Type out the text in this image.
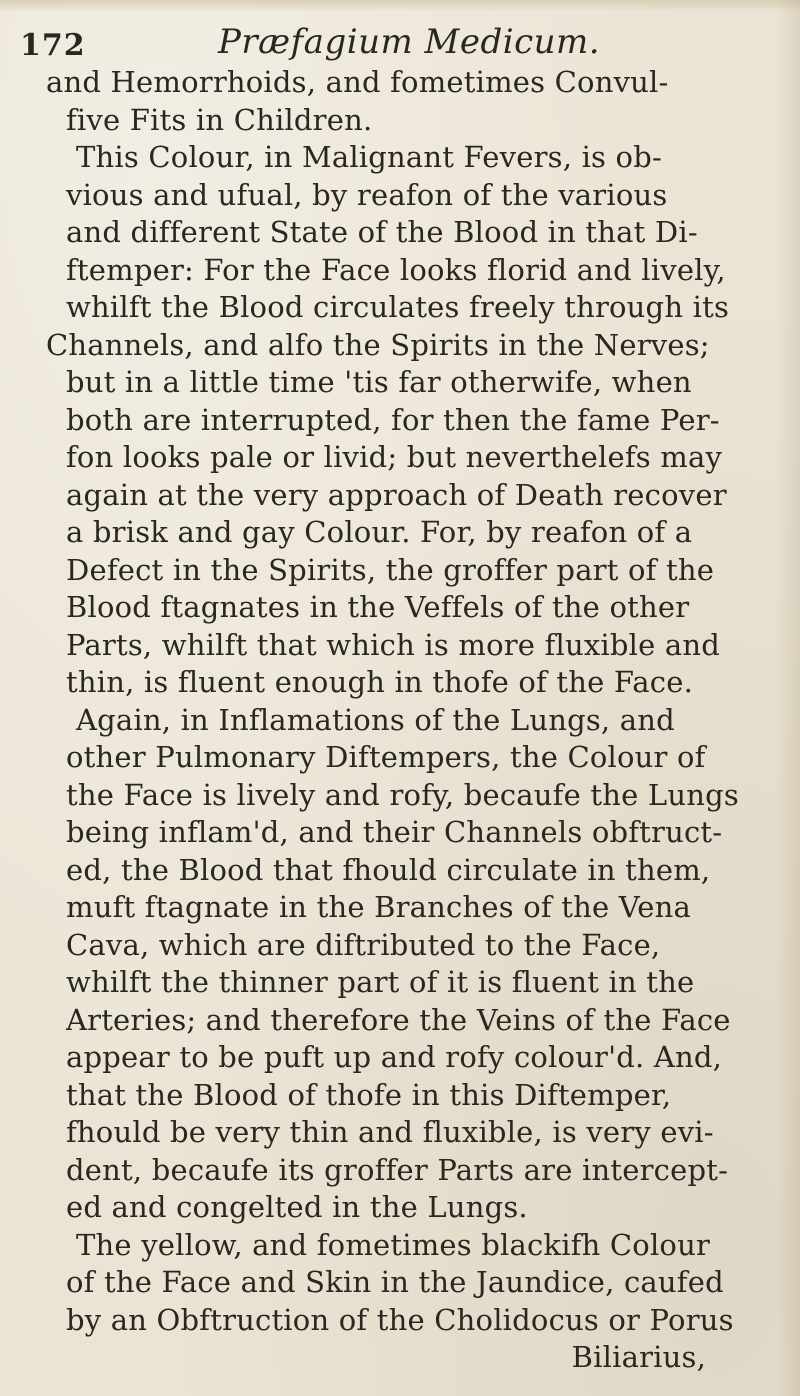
172	Præfagium Medicum.
and Hemorrhoids, and fometimes Convul-
five Fits in Children.
This Colour, in Malignant Fevers, is ob-
vious and ufual, by reafon of the various
and different State of the Blood in that Di-
ftemper: For the Face looks florid and lively,
whilft the Blood circulates freely through its
Channels, and alfo the Spirits in the Nerves;
but in a little time 'tis far otherwife, when
both are interrupted, for then the fame Per-
fon looks pale or livid; but neverthelefs may
again at the very approach of Death recover
a brisk and gay Colour. For, by reafon of a
Defect in the Spirits, the groffer part of the
Blood ftagnates in the Veffels of the other
Parts, whilft that which is more fluxible and
thin, is fluent enough in thofe of the Face.
Again, in Inflamations of the Lungs, and
other Pulmonary Diftempers, the Colour of
the Face is lively and rofy, becaufe the Lungs
being inflam'd, and their Channels obftruct-
ed, the Blood that fhould circulate in them,
muft ftagnate in the Branches of the Vena
Cava, which are diftributed to the Face,
whilft the thinner part of it is fluent in the
Arteries; and therefore the Veins of the Face
appear to be puft up and rofy colour'd. And,
that the Blood of thofe in this Diftemper,
fhould be very thin and fluxible, is very evi-
dent, becaufe its groffer Parts are intercept-
ed and congelted in the Lungs.
The yellow, and fometimes blackifh Colour
of the Face and Skin in the Jaundice, caufed
by an Obftruction of the Cholidocus or Porus
Biliarius,
